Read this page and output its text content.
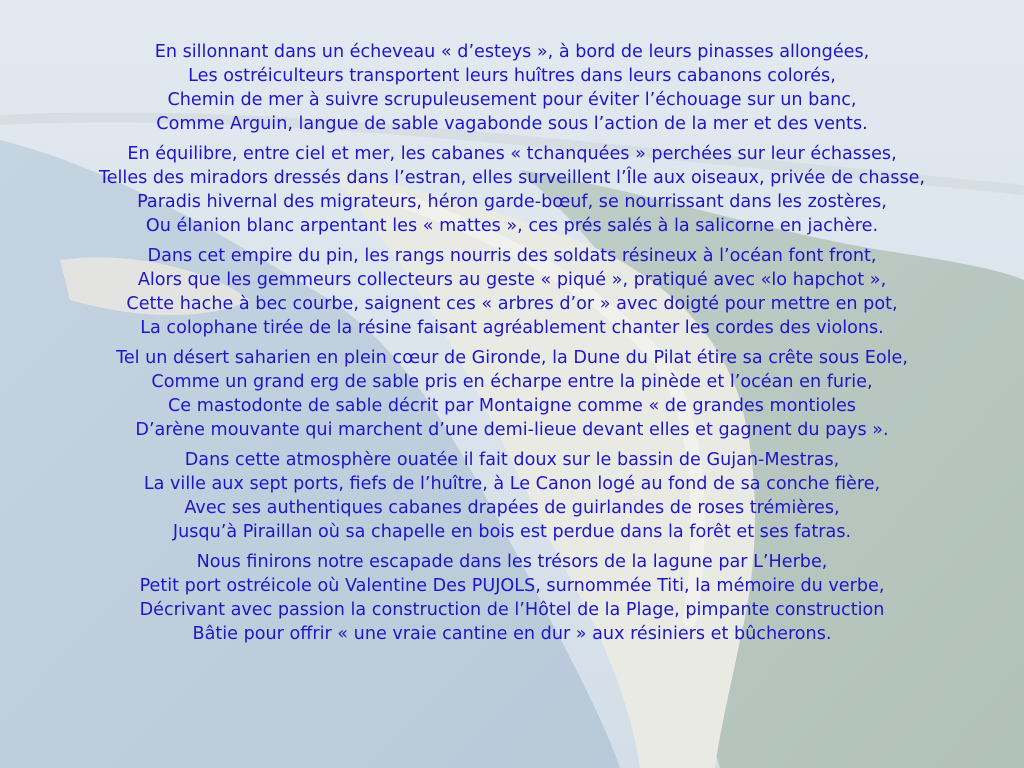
En sillonnant dans un écheveau « d’esteys », à bord de leurs pinasses allongées,
Les ostréiculteurs transportent leurs huîtres dans leurs cabanons colorés,
Chemin de mer à suivre scrupuleusement pour éviter l’échouage sur un banc,
Comme Arguin, langue de sable vagabonde sous l’action de la mer et des vents.
En équilibre, entre ciel et mer, les cabanes « tchanquées » perchées sur leur échasses,
Telles des miradors dressés dans l’estran, elles surveillent l’Île aux oiseaux, privée de chasse,
Paradis hivernal des migrateurs, héron garde-bœuf, se nourrissant dans les zostères,
Ou élanion blanc arpentant les « mattes », ces prés salés à la salicorne en jachère.
Dans cet empire du pin, les rangs nourris des soldats résineux à l’océan font front,
Alors que les gemmeurs collecteurs au geste « piqué », pratiqué avec «lo hapchot »,
Cette hache à bec courbe, saignent ces « arbres d’or » avec doigté pour mettre en pot,
La colophane tirée de la résine faisant agréablement chanter les cordes des violons.
Tel un désert saharien en plein cœur de Gironde, la Dune du Pilat étire sa crête sous Eole,
Comme un grand erg de sable pris en écharpe entre la pinède et l’océan en furie,
Ce mastodonte de sable décrit par Montaigne comme « de grandes montioles
D’arène mouvante qui marchent d’une demi-lieue devant elles et gagnent du pays ».
Dans cette atmosphère ouatée il fait doux sur le bassin de Gujan-Mestras,
La ville aux sept ports, fiefs de l’huître, à Le Canon logé au fond de sa conche fière,
Avec ses authentiques cabanes drapées de guirlandes de roses trémières,
Jusqu’à Piraillan où sa chapelle en bois est perdue dans la forêt et ses fatras.
Nous finirons notre escapade dans les trésors de la lagune par L’Herbe,
Petit port ostréicole où Valentine Des PUJOLS, surnommée Titi, la mémoire du verbe,
Décrivant avec passion la construction de l’Hôtel de la Plage, pimpante construction
Bâtie pour offrir « une vraie cantine en dur » aux résiniers et bûcherons.
